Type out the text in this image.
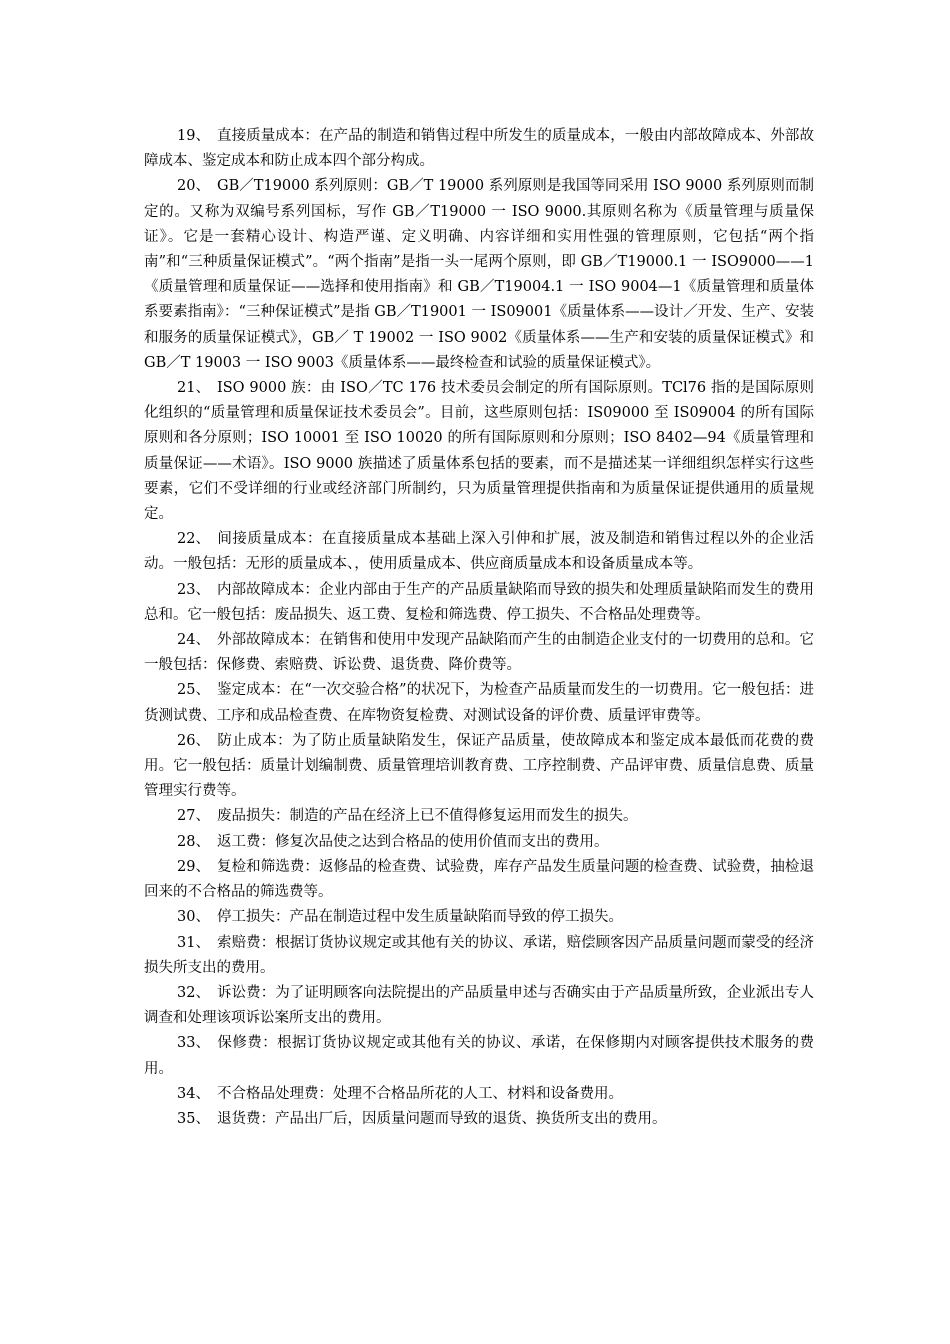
19、 直接质量成本：在产品的制造和销售过程中所发生的质量成本，一般由内部故障成本、外部故障成本、鉴定成本和防止成本四个部分构成。

20、 GB／T19000 系列原则：GB／T 19000 系列原则是我国等同采用 ISO 9000 系列原则而制定的。又称为双编号系列国标，写作 GB／T19000 一 ISO 9000.其原则名称为《质量管理与质量保证》。它是一套精心设计、构造严谨、定义明确、内容详细和实用性强的管理原则，它包括“两个指南”和“三种质量保证模式”。“两个指南”是指一头一尾两个原则，即 GB／T19000.1 一 ISO9000——1《质量管理和质量保证——选择和使用指南》和 GB／T19004.1 一 ISO 9004—1《质量管理和质量体系要素指南》：“三种保证模式”是指 GB／T19001 一 IS09001《质量体系——设计／开发、生产、安装和服务的质量保证模式》，GB／ T 19002 一 ISO 9002《质量体系——生产和安装的质量保证模式》和 GB／T 19003 一 ISO 9003《质量体系——最终检查和试验的质量保证模式》。

21、 ISO 9000 族：由 ISO／TC 176 技术委员会制定的所有国际原则。TCl76 指的是国际原则化组织的“质量管理和质量保证技术委员会”。目前，这些原则包括：IS09000 至 IS09004 的所有国际原则和各分原则；ISO 10001 至 ISO 10020 的所有国际原则和分原则；ISO 8402—94《质量管理和质量保证——术语》。ISO 9000 族描述了质量体系包括的要素，而不是描述某一详细组织怎样实行这些要素，它们不受详细的行业或经济部门所制约，只为质量管理提供指南和为质量保证提供通用的质量规定。

22、 间接质量成本：在直接质量成本基础上深入引伸和扩展，波及制造和销售过程以外的企业活动。一般包括：无形的质量成本、，使用质量成本、供应商质量成本和设备质量成本等。

23、 内部故障成本：企业内部由于生产的产品质量缺陷而导致的损失和处理质量缺陷而发生的费用总和。它一般包括：废品损失、返工费、复检和筛选费、停工损失、不合格品处理费等。

24、 外部故障成本：在销售和使用中发现产品缺陷而产生的由制造企业支付的一切费用的总和。它一般包括：保修费、索赔费、诉讼费、退货费、降价费等。

25、 鉴定成本：在“一次交验合格”的状况下，为检查产品质量而发生的一切费用。它一般包括：进货测试费、工序和成品检查费、在库物资复检费、对测试设备的评价费、质量评审费等。

26、 防止成本：为了防止质量缺陷发生，保证产品质量，使故障成本和鉴定成本最低而花费的费用。它一般包括：质量计划编制费、质量管理培训教育费、工序控制费、产品评审费、质量信息费、质量管理实行费等。

27、 废品损失：制造的产品在经济上已不值得修复运用而发生的损失。

28、 返工费：修复次品使之达到合格品的使用价值而支出的费用。

29、 复检和筛选费：返修品的检查费、试验费，库存产品发生质量问题的检查费、试验费，抽检退回来的不合格品的筛选费等。

30、 停工损失：产品在制造过程中发生质量缺陷而导致的停工损失。

31、 索赔费：根据订货协议规定或其他有关的协议、承诺，赔偿顾客因产品质量问题而蒙受的经济损失所支出的费用。

32、 诉讼费：为了证明顾客向法院提出的产品质量申述与否确实由于产品质量所致，企业派出专人调查和处理该项诉讼案所支出的费用。

33、 保修费：根据订货协议规定或其他有关的协议、承诺，在保修期内对顾客提供技术服务的费用。

34、 不合格品处理费：处理不合格品所花的人工、材料和设备费用。

35、 退货费：产品出厂后，因质量问题而导致的退货、换货所支出的费用。
